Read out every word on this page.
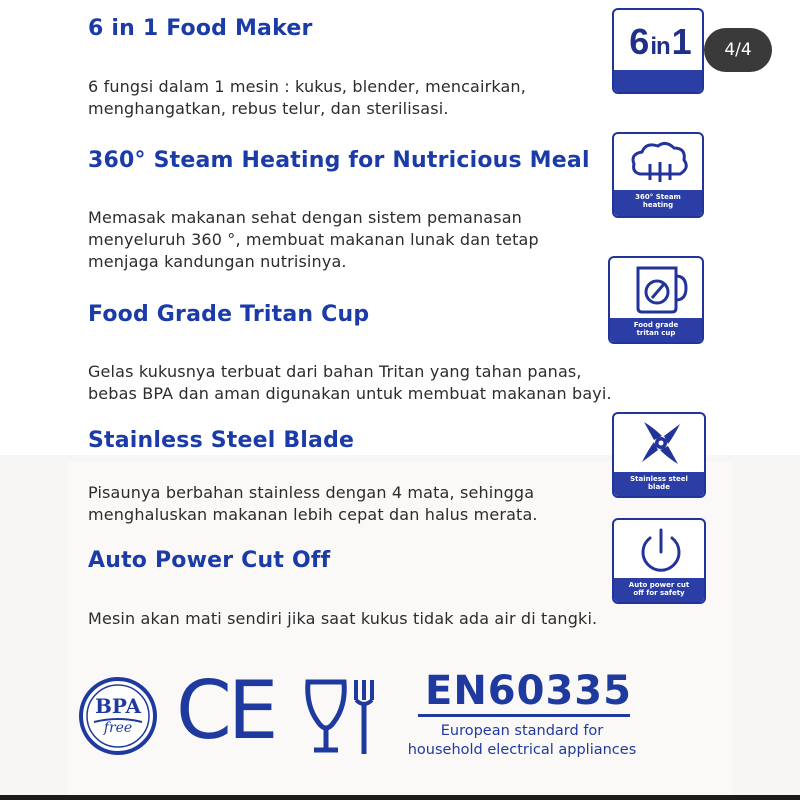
6 in 1 Food Maker
6 fungsi dalam 1 mesin : kukus, blender, mencairkan,
menghangatkan, rebus telur, dan sterilisasi.
6in1
360° Steam Heating for Nutricious Meal
Memasak makanan sehat dengan sistem pemanasan
menyeluruh 360 °, membuat makanan lunak dan tetap
menjaga kandungan nutrisinya.
360° Steam
heating
Food Grade Tritan Cup
Gelas kukusnya terbuat dari bahan Tritan yang tahan panas,
bebas BPA dan aman digunakan untuk membuat makanan bayi.
Food grade
tritan cup
Stainless Steel Blade
Pisaunya berbahan stainless dengan 4 mata, sehingga
menghaluskan makanan lebih cepat dan halus merata.
Stainless steel
blade
Auto Power Cut Off
Mesin akan mati sendiri jika saat kukus tidak ada air di tangki.
Auto power cut
off for safety
BPA
free CE	EN60335
European standard for
household electrical appliances
4/4
